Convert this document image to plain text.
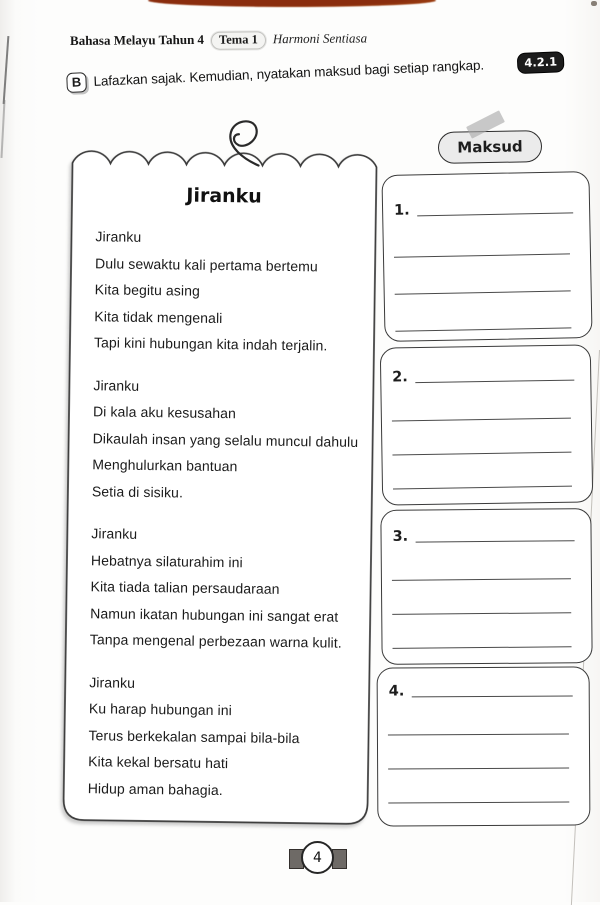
Bahasa Melayu Tahun 4	Tema 1	Harmoni Sentiasa
B Lafazkan sajak. Kemudian, nyatakan maksud bagi setiap rangkap.	4.2.1
Jiranku
Jiranku
Dulu sewaktu kali pertama bertemu
Kita begitu asing
Kita tidak mengenali
Tapi kini hubungan kita indah terjalin.
Jiranku
Di kala aku kesusahan
Dikaulah insan yang selalu muncul dahulu
Menghulurkan bantuan
Setia di sisiku.
Jiranku
Hebatnya silaturahim ini
Kita tiada talian persaudaraan
Namun ikatan hubungan ini sangat erat
Tanpa mengenal perbezaan warna kulit.
Jiranku
Ku harap hubungan ini
Terus berkekalan sampai bila-bila
Kita kekal bersatu hati
Hidup aman bahagia.
Maksud
1.
2.
3.
4.
4
